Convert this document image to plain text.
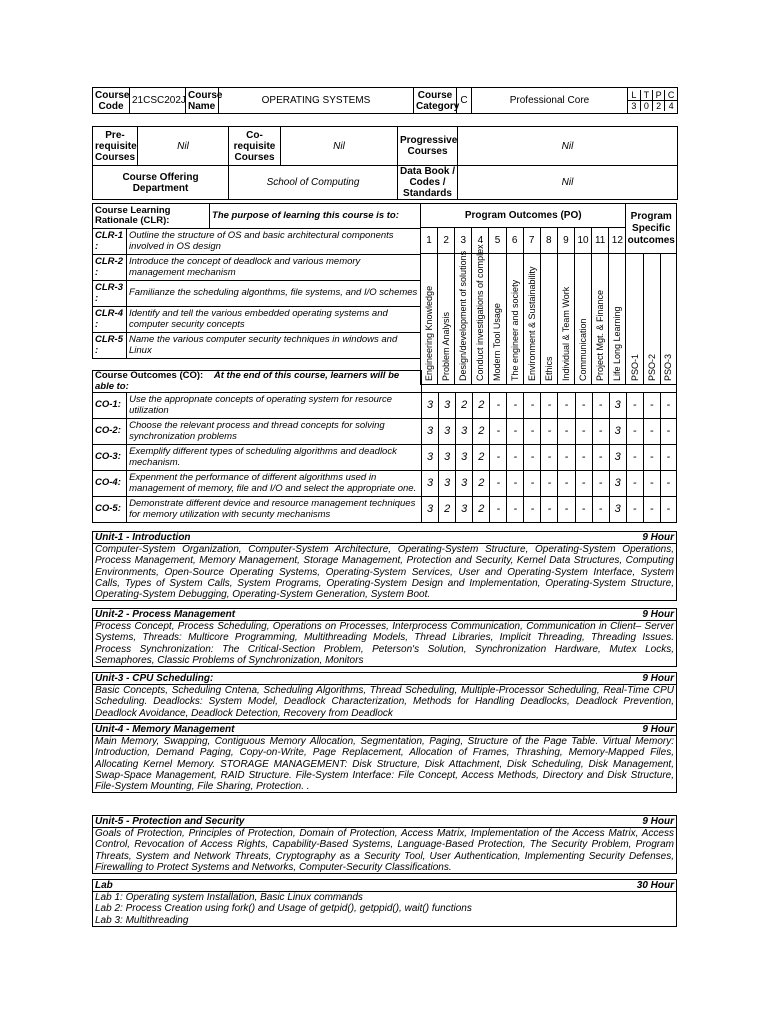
Course Code	21CSC202J	Course Name	OPERATING SYSTEMS	Course Category	C	Professional Core		L	T	P	C
3	0	2	4
Pre-requisite Courses	Nil	Co-requisite Courses	Nil	Progressive Courses	Nil
Course Offering Department		School of Computing		Data Book / Codes / Standards	Nil
Course Learning Rationale (CLR):		The purpose of learning this course is to:
CLR-1 :	Outline the structure of OS and basic architectural components involved in OS design	
CLR-2 :	Introduce the concept of deadlock and various memory management mechanism	
CLR-3 :	Familianze the scheduling algonthms, file systems, and I/O schemes	
CLR-4 :	Identify and tell the various embedded operating systems and computer security concepts	
CLR-5 :	Name the various computer security techniques in windows and Linux	

Program Outcomes (PO)												Program Specific outcomes		
1	2	3	4	5	6	7	8	9	10	11	12			
Engineering Knowledge	Problem Analysis	Design/development of solutions	Conduct investigations of complex	Modern Tool Usage	The engineer and society	Environment & Sustainability	Ethics	Individual & Team Work	Communication	Project Mgt. & Finance	Life Long Learning	PSO-1	PSO-2	PSO-3
Course Outcomes (CO): At the end of this course, learners will be able to:																
CO-1:	Use the appropnate concepts of operating system for resource utilization	3	3	2	2	-	-	-	-	-	-	-	3	-	-	-
CO-2:	Choose the relevant process and thread concepts for solving synchronization problems	3	3	3	2	-	-	-	-	-	-	-	3	-	-	-
CO-3:	Exemplify different types of scheduling algorithms and deadlock mechanism.	3	3	3	2	-	-	-	-	-	-	-	3	-	-	-
CO-4:	Expenment the performance of different algorithms used in management of memory, file and I/O and select the appropriate one.	3	3	3	2	-	-	-	-	-	-	-	3	-	-	-
CO-5:	Demonstrate different device and resource management techniques for memory utilization with secunty mechanisms	3	2	3	2	-	-	-	-	-	-	-	3	-	-	-
Unit-1 - Introduction	9 Hour

Computer-System Organization, Computer-System Architecture, Operating-System Structure, Operating-System Operations, Process Management, Memory Management, Storage Management, Protection and Security, Kernel Data Structures, Computing Environments, Open-Source Operating Systems, Operating-System Services, User and Operating-System Interface, System Calls, Types of System Calls, System Programs, Operating-System Design and Implementation, Operating-System Structure, Operating-System Debugging, Operating-System Generation, System Boot.
Unit-2 - Process Management	9 Hour

Process Concept, Process Scheduling, Operations on Processes, Interprocess Communication, Communication in Client– Server Systems, Threads: Multicore Programming, Multithreading Models, Thread Libraries, Implicit Threading, Threading Issues. Process Synchronization: The Critical-Section Problem, Peterson's Solution, Synchronization Hardware, Mutex Locks, Semaphores, Classic Problems of Synchronization, Monitors
Unit-3 - CPU Scheduling:	9 Hour

Basic Concepts, Scheduling Cntena, Scheduling Algorithms, Thread Scheduling, Multiple-Processor Scheduling, Real-Time CPU Scheduling. Deadlocks: System Model, Deadlock Characterization, Methods for Handling Deadlocks, Deadlock Prevention, Deadlock Avoidance, Deadlock Detection, Recovery from Deadlock
Unit-4 - Memory Management	9 Hour

Main Memory, Swapping, Contiguous Memory Allocation, Segmentation, Paging, Structure of the Page Table. Virtual Memory: Introduction, Demand Paging, Copy-on-Write, Page Replacement, Allocation of Frames, Thrashing, Memory-Mapped Files, Allocating Kernel Memory. STORAGE MANAGEMENT: Disk Structure, Disk Attachment, Disk Scheduling, Disk Management, Swap-Space Management, RAID Structure. File-System Interface: File Concept, Access Methods, Directory and Disk Structure, File-System Mounting, File Sharing, Protection. .
Unit-5 - Protection and Security	9 Hour

Goals of Protection, Principles of Protection, Domain of Protection, Access Matrix, Implementation of the Access Matrix, Access Control, Revocation of Access Rights, Capability-Based Systems, Language-Based Protection, The Security Problem, Program Threats, System and Network Threats, Cryptography as a Security Tool, User Authentication, Implementing Security Defenses, Firewalling to Protect Systems and Networks, Computer-Security Classifications.
Lab	30 Hour

Lab 1: Operating system Installation, Basic Linux commands
Lab 2: Process Creation using fork() and Usage of getpid(), getppid(), wait() functions
Lab 3: Multithreading
